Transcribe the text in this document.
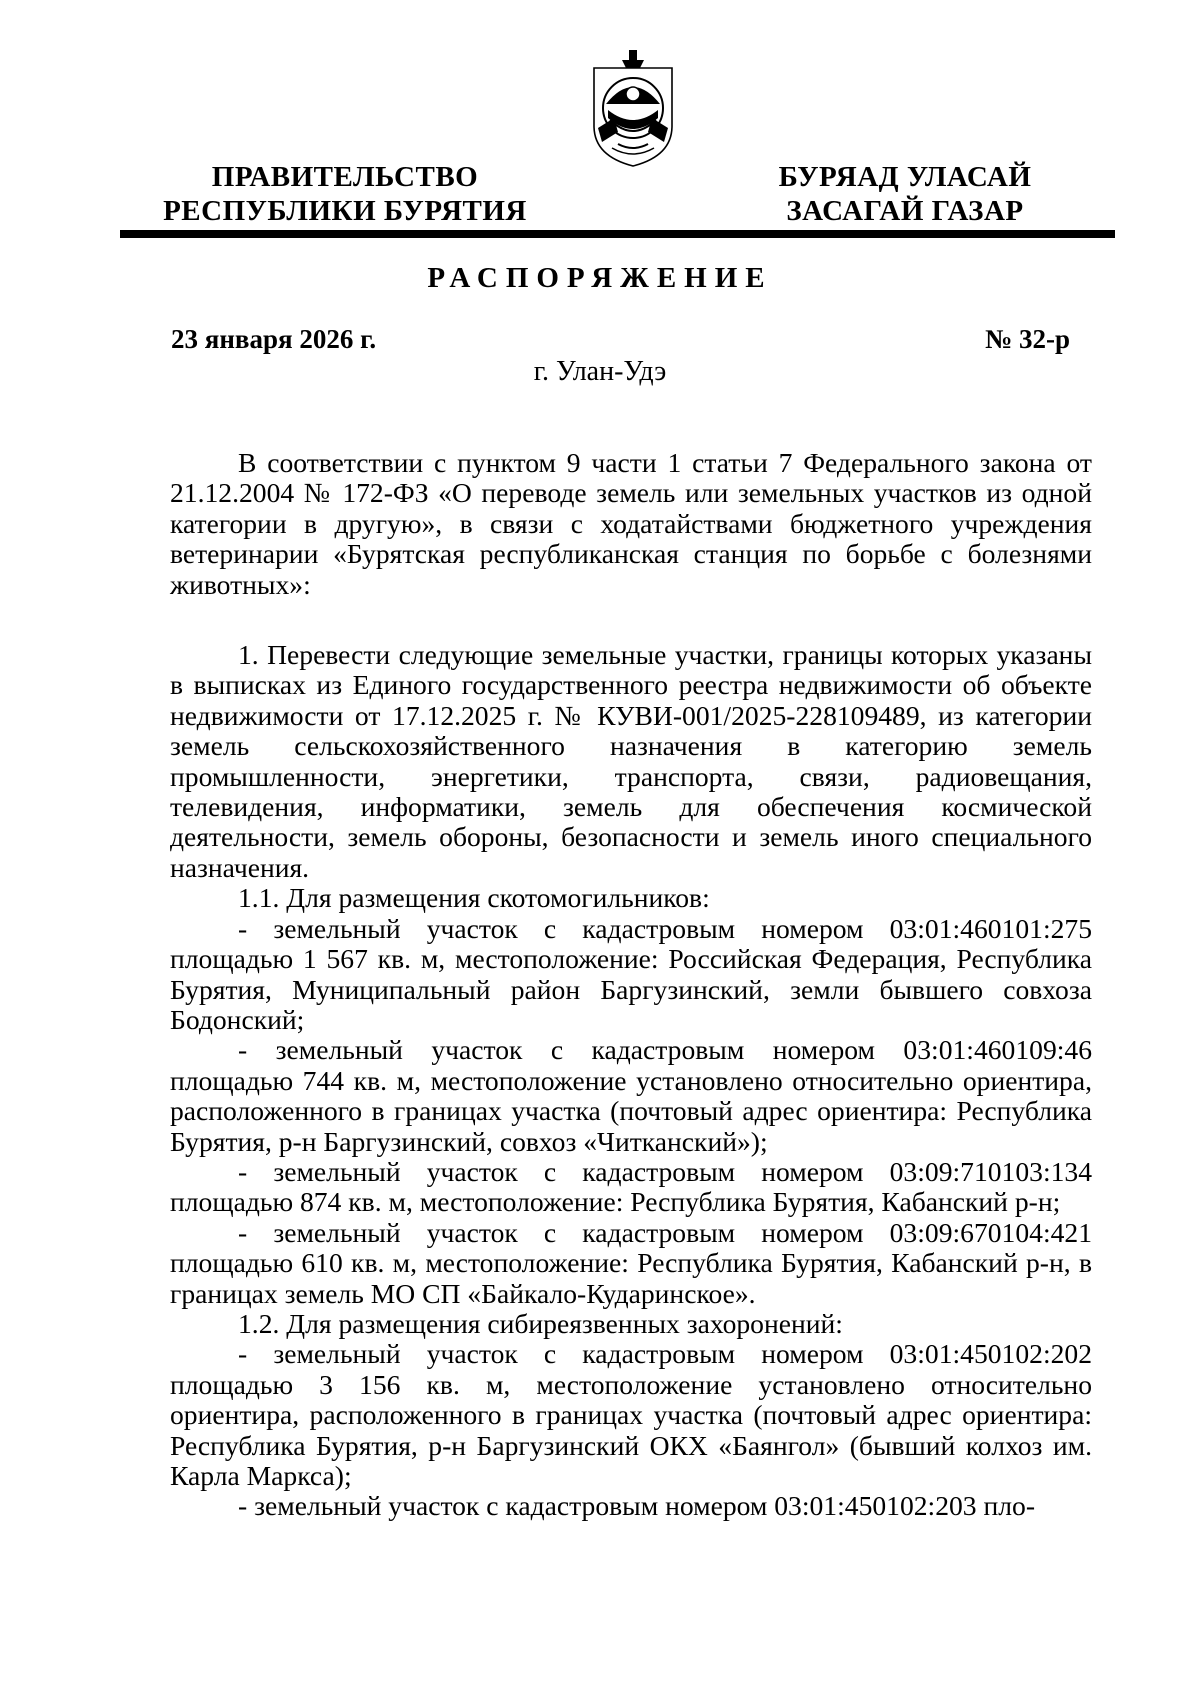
ПРАВИТЕЛЬСТВО
РЕСПУБЛИКИ БУРЯТИЯ
БУРЯАД УЛАСАЙ
ЗАСАГАЙ ГАЗАР
РАСПОРЯЖЕНИЕ
23 января 2026 г.	№ 32-р
г. Улан-Удэ

В соответствии с пунктом 9 части 1 статьи 7 Федерального закона от 21.12.2004 № 172-ФЗ «О переводе земель или земельных участков из одной категории в другую», в связи с ходатайствами бюджетного учреждения ветеринарии «Бурятская республиканская станция по борьбе с болезнями животных»:

1. Перевести следующие земельные участки, границы которых указаны в выписках из Единого государственного реестра недвижимости об объекте недвижимости от 17.12.2025 г. № КУВИ-001/2025-228109489, из категории земель сельскохозяйственного назначения в категорию земель промышленности, энергетики, транспорта, связи, радиовещания, телевидения, информатики, земель для обеспечения космической деятельности, земель обороны, безопасности и земель иного специального назначения.

1.1. Для размещения скотомогильников:

- земельный участок с кадастровым номером 03:01:460101:275 площадью 1 567 кв. м, местоположение: Российская Федерация, Республика Бурятия, Муниципальный район Баргузинский, земли бывшего совхоза Бодонский;

- земельный участок с кадастровым номером 03:01:460109:46 площадью 744 кв. м, местоположение установлено относительно ориентира, расположенного в границах участка (почтовый адрес ориентира: Республика Бурятия, р-н Баргузинский, совхоз «Читканский»);

- земельный участок с кадастровым номером 03:09:710103:134 площадью 874 кв. м, местоположение: Республика Бурятия, Кабанский р-н;

- земельный участок с кадастровым номером 03:09:670104:421 площадью 610 кв. м, местоположение: Республика Бурятия, Кабанский р-н, в границах земель МО СП «Байкало-Кударинское».

1.2. Для размещения сибиреязвенных захоронений:

- земельный участок с кадастровым номером 03:01:450102:202 площадью 3 156 кв. м, местоположение установлено относительно ориентира, расположенного в границах участка (почтовый адрес ориентира: Республика Бурятия, р-н Баргузинский ОКХ «Баянгол» (бывший колхоз им. Карла Маркса);

- земельный участок с кадастровым номером 03:01:450102:203 пло-
